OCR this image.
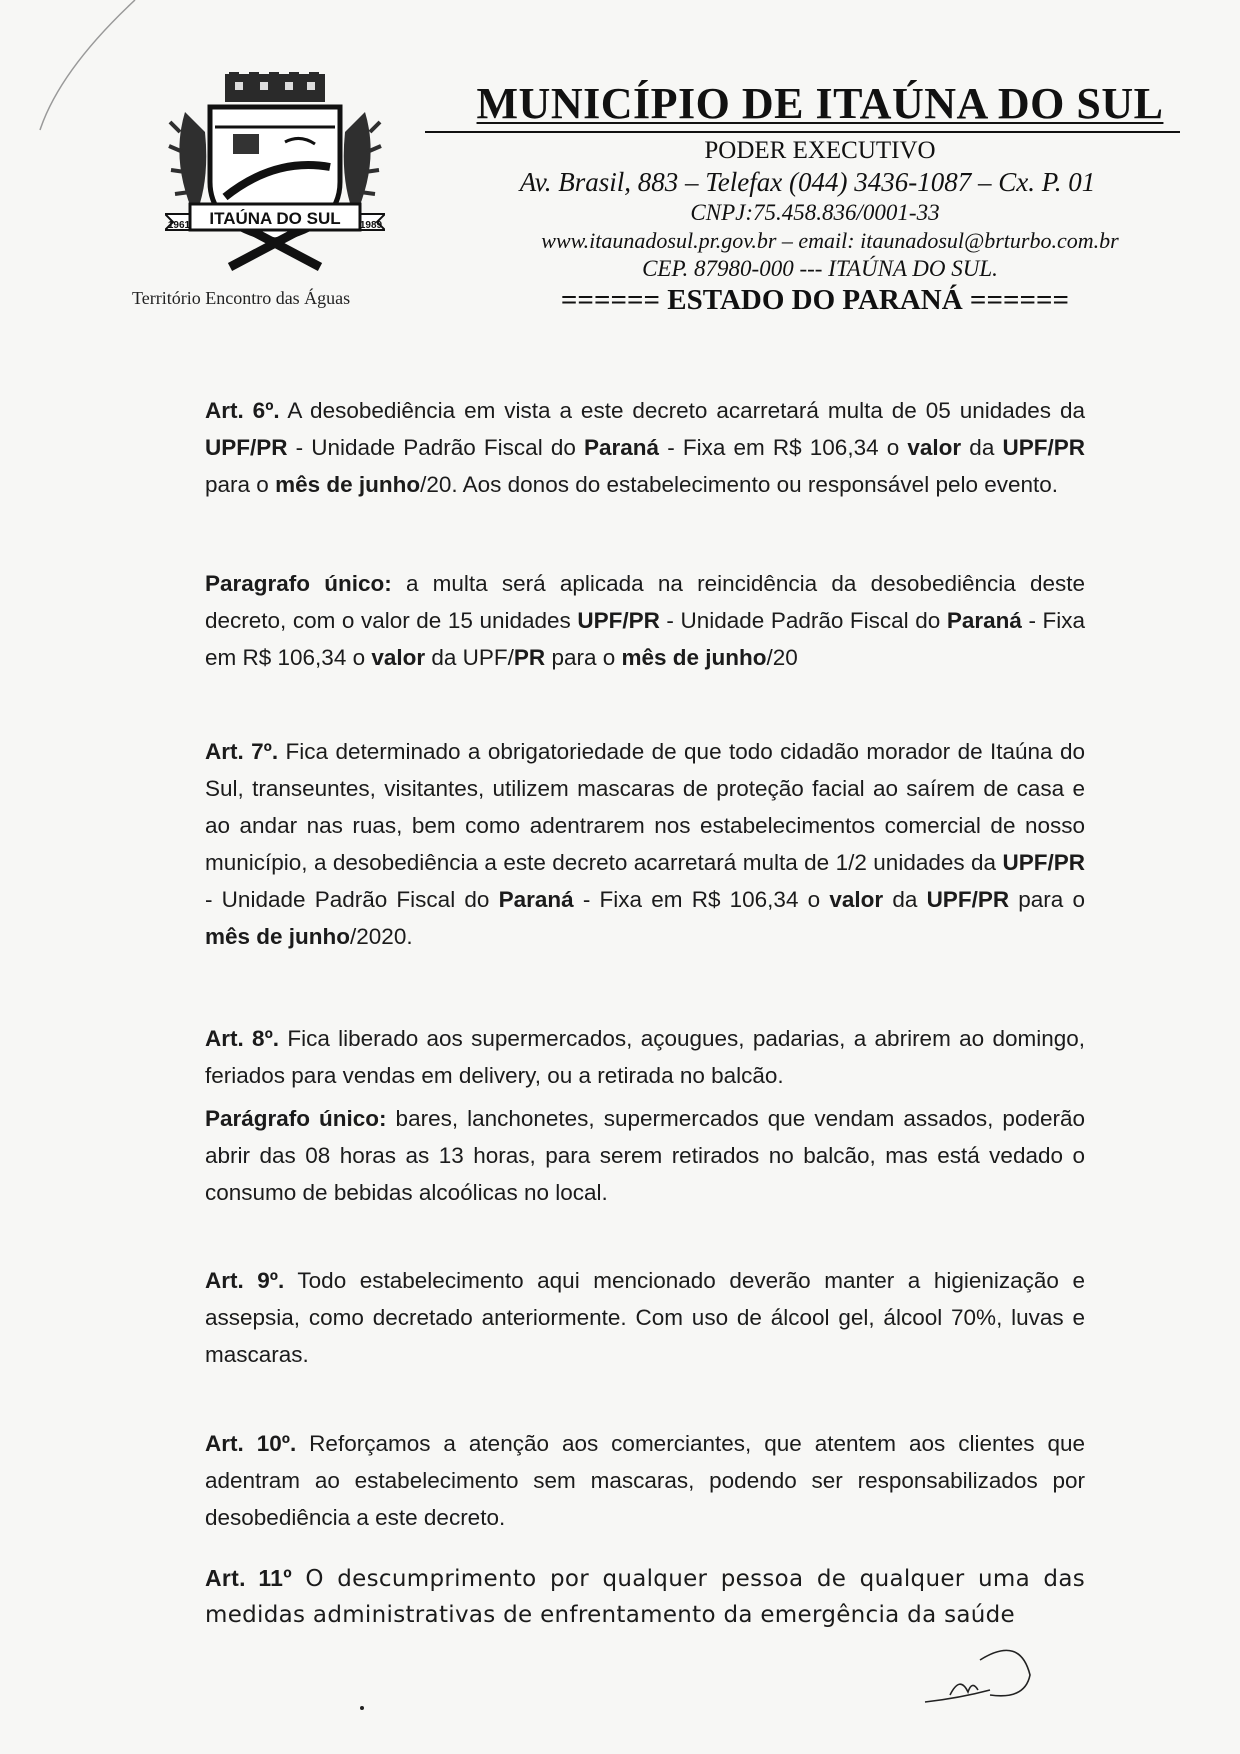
ITAÚNA DO SUL
1961	1989
Território Encontro das Águas
MUNICÍPIO DE ITAÚNA DO SUL
PODER EXECUTIVO
Av. Brasil, 883 – Telefax (044) 3436-1087 – Cx. P. 01
CNPJ:75.458.836/0001-33
www.itaunadosul.pr.gov.br – email: itaunadosul@brturbo.com.br
CEP. 87980-000 --- ITAÚNA DO SUL.
====== ESTADO DO PARANÁ ======
Art. 6º. A desobediência em vista a este decreto acarretará multa de 05 unidades da UPF/PR - Unidade Padrão Fiscal do Paraná - Fixa em R$ 106,34 o valor da UPF/PR para o mês de junho/20. Aos donos do estabelecimento ou responsável pelo evento.
Paragrafo único: a multa será aplicada na reincidência da desobediência deste decreto, com o valor de 15 unidades UPF/PR - Unidade Padrão Fiscal do Paraná - Fixa em R$ 106,34 o valor da UPF/PR para o mês de junho/20
Art. 7º. Fica determinado a obrigatoriedade de que todo cidadão morador de Itaúna do Sul, transeuntes, visitantes, utilizem mascaras de proteção facial ao saírem de casa e ao andar nas ruas, bem como adentrarem nos estabelecimentos comercial de nosso município, a desobediência a este decreto acarretará multa de 1/2 unidades da UPF/PR - Unidade Padrão Fiscal do Paraná - Fixa em R$ 106,34 o valor da UPF/PR para o mês de junho/2020.
Art. 8º. Fica liberado aos supermercados, açougues, padarias, a abrirem ao domingo, feriados para vendas em delivery, ou a retirada no balcão.
Parágrafo único: bares, lanchonetes, supermercados que vendam assados, poderão abrir das 08 horas as 13 horas, para serem retirados no balcão, mas está vedado o consumo de bebidas alcoólicas no local.
Art. 9º. Todo estabelecimento aqui mencionado deverão manter a higienização e assepsia, como decretado anteriormente. Com uso de álcool gel, álcool 70%, luvas e mascaras.
Art. 10º. Reforçamos a atenção aos comerciantes, que atentem aos clientes que adentram ao estabelecimento sem mascaras, podendo ser responsabilizados por desobediência a este decreto.
Art. 11º O descumprimento por qualquer pessoa de qualquer uma das medidas administrativas de enfrentamento da emergência da saúde
